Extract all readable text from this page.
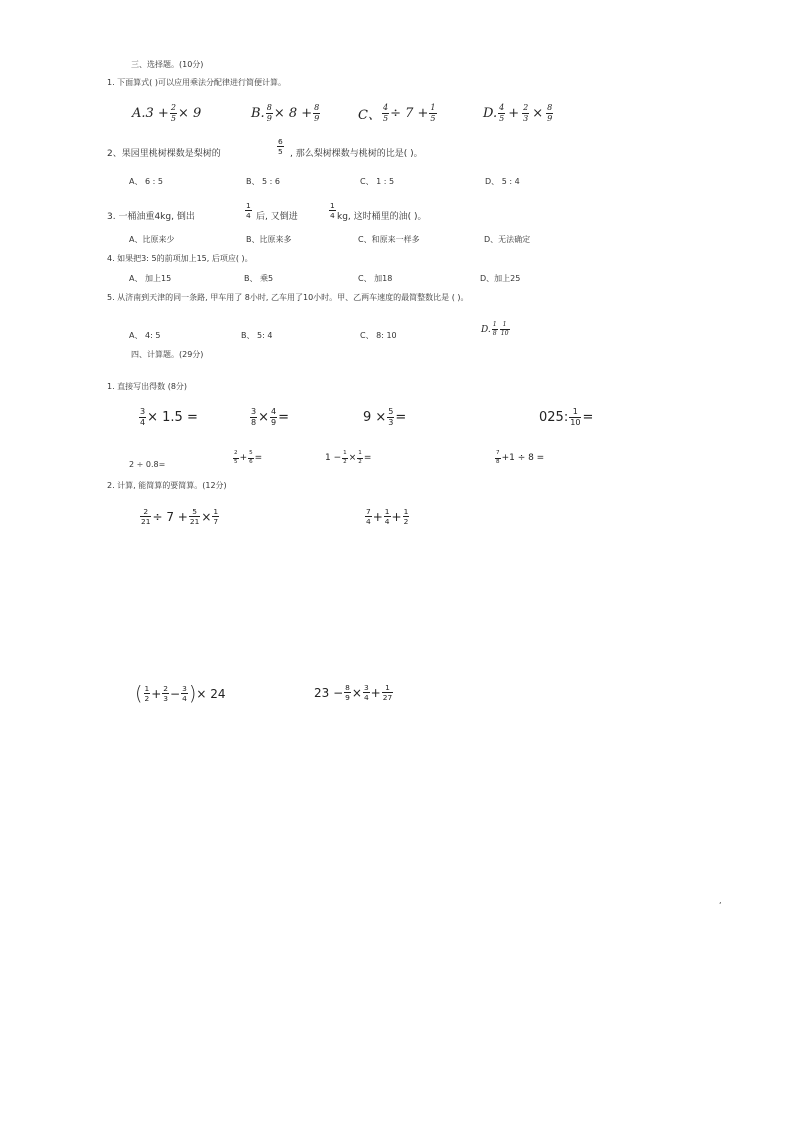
三、选择题。(10分)
1. 下面算式( )可以应用乘法分配律进行简便计算。
$A.3 + \frac{2}{5} \times 9$	B. $\frac{8}{9} \times 8 + \frac{8}{9}$	C、 $\frac{4}{5} \div 7 + \frac{1}{5}$	D. $\frac{4}{5} + \frac{2}{3} \times \frac{8}{9}$
2、果园里桃树棵数是梨树的	$\frac{6}{5}$ , 那么梨树棵数与桃树的比是( )。
A、 6 : 5	B、 5 : 6	C、 1 : 5	D、 5 : 4
3. 一桶油重4kg, 倒出	$\frac{1}{4}$ 后, 又倒进	$\frac{1}{4}$ kg, 这时桶里的油( )。
A、比原来少	B、比原来多	C、和原来一样多	D、无法确定
4. 如果把3: 5的前项加上15, 后项应( )。
A、 加上15	B、 乘5	C、 加18	D、加上25
5. 从济南到天津的同一条路, 甲车用了 8小时, 乙车用了10小时。甲、乙两车速度的最简整数比是 ( )。
A、 4: 5	B、 5: 4	C、 8: 10
D. $\frac{1}{8} \frac{1}{10}$
四、计算题。(29分)
1. 直接写出得数 (8分)
$\frac{3}{4} \times 1.5$ =	$\frac{3}{8} \times \frac{4}{9}$ =	$9 \times \frac{5}{3}$ =	025: $\frac{1}{10}$ =
2 ÷ 0.8=	$\frac{2}{5} + \frac{5}{6}$ =	$1 - \frac{1}{2} \times \frac{1}{2}$ =	$\frac{7}{8} +1 \div 8$ =
2. 计算, 能简算的要简算。(12分)
$\frac{2}{21} \div 7 + \frac{5}{21} \times \frac{1}{7}$	$\frac{7}{4} + \frac{1}{4} + \frac{1}{2}$
( $\frac{1}{2} + \frac{2}{3} - \frac{3}{4}$ ) × 24	$23 - \frac{8}{9} \times \frac{3}{4} + \frac{1}{27}$
,
